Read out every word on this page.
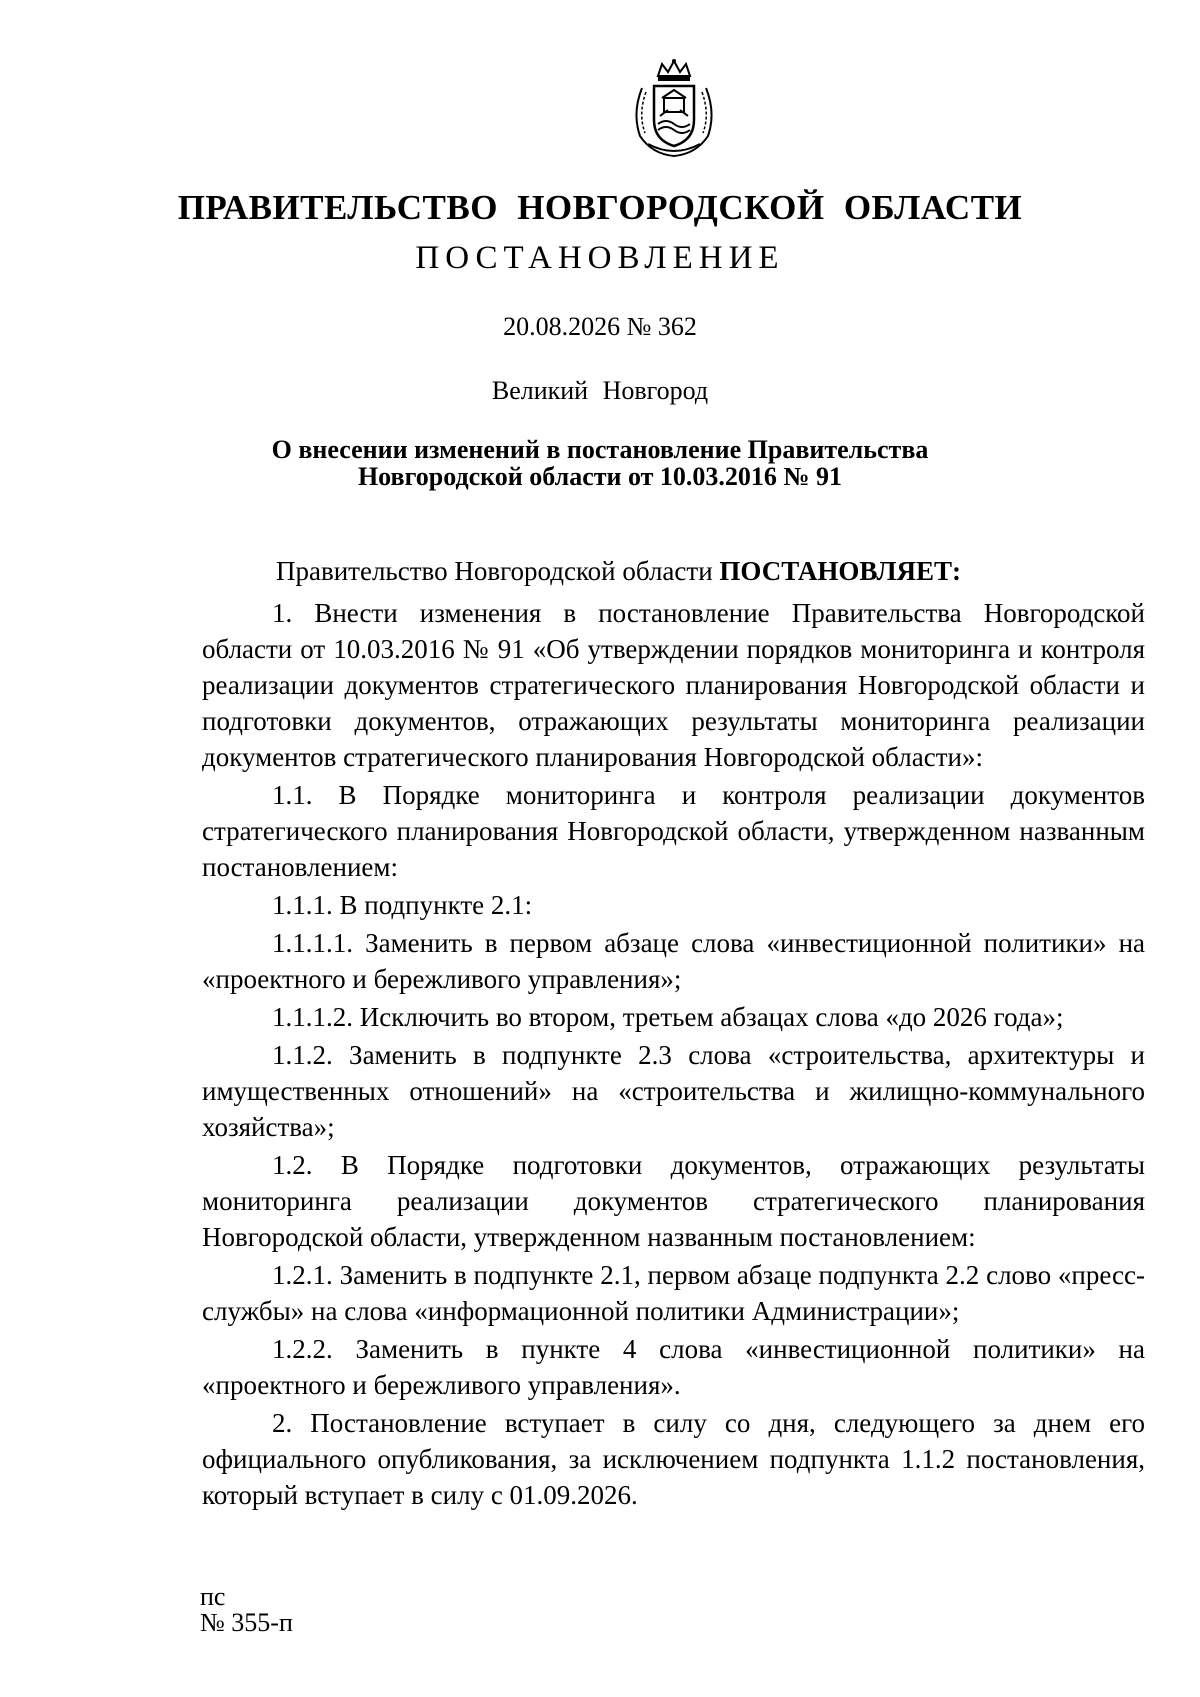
ПРАВИТЕЛЬСТВО НОВГОРОДСКОЙ ОБЛАСТИ
ПОСТАНОВЛЕНИЕ
20.08.2026 № 362
Великий Новгород
О внесении изменений в постановление Правительства
Новгородской области от 10.03.2016 № 91

Правительство Новгородской области ПОСТАНОВЛЯЕТ:

1. Внести изменения в постановление Правительства Новгородской области от 10.03.2016 № 91 «Об утверждении порядков мониторинга и контроля реализации документов стратегического планирования Новгородской области и подготовки документов, отражающих результаты мониторинга реализации документов стратегического планирования Новгородской области»:

1.1. В Порядке мониторинга и контроля реализации документов стратегического планирования Новгородской области, утвержденном названным постановлением:

1.1.1. В подпункте 2.1:

1.1.1.1. Заменить в первом абзаце слова «инвестиционной политики» на «проектного и бережливого управления»;

1.1.1.2. Исключить во втором, третьем абзацах слова «до 2026 года»;

1.1.2. Заменить в подпункте 2.3 слова «строительства, архитектуры и имущественных отношений» на «строительства и жилищно-коммунального хозяйства»;

1.2. В Порядке подготовки документов, отражающих результаты мониторинга реализации документов стратегического планирования Новгородской области, утвержденном названным постановлением:

1.2.1. Заменить в подпункте 2.1, первом абзаце подпункта 2.2 слово «пресс-службы» на слова «информационной политики Администрации»;

1.2.2. Заменить в пункте 4 слова «инвестиционной политики» на «проектного и бережливого управления».

2. Постановление вступает в силу со дня, следующего за днем его официального опубликования, за исключением подпункта 1.1.2 постановления, который вступает в силу с 01.09.2026.

пс
№ 355-п
